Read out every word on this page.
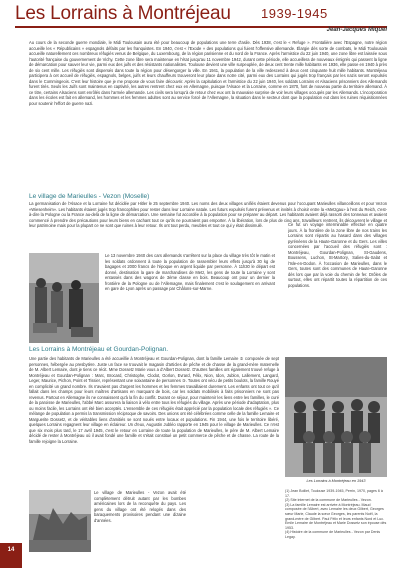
Les Lorrains à Montréjeau 1939-1945
Jean-Jacques Miquel
Au cours de la seconde guerre mondiale, le Midi Toulousain aura été pour beaucoup de populations une terre d'asile. Dès 1938, c'est le « Refuge ». Frontalière avec l'Espagne, notre région accueille les « Républicains » espagnols défaits par les franquistes. En 1940, c'est « l'Exode » des populations qui fuient l'offensive allemande. Élargie dès sorte de combats, le Midi Toulousain accueille naturellement ces nombreux réfugiés venus de Belgique, du Luxembourg, de la région parisienne et du nord de la France. Après l'armistice du 22 juin 1940, une zone libre est laissée sous l'autorité française du gouvernement de Vichy. Cette zone libre sera maintenue en l'état jusqu'au 11 novembre 1942, durant cette période, elle accueillera de nouveaux émigrés qui passent la ligne de démarcation pour sauver leur vie, parmi eux des juifs et des résistants nationalistes. Toulouse devient une ville surpeuplée, de deux cent trente mille habitants en 1936, elle passe en 1940 à près de six cent mille. Les réfugiés sont dispersés dans toute la région pour désengorger la ville. En 1941, la population de la ville redescend à deux cent cinquante huit mille habitants. Montréjeau participera à cet accueil de réfugiés, espagnols, belges, juifs et leurs chauffeurs trouveront leur place dans notre cité, parmi eux des Lorrains qui jugés trop français par les nazis seront expulsés dans le Commingeois. C'est leur histoire que je me propose de vous faire découvrir. Après la capitulation et l'armistice du 22 juin 1940, les soldats Lorrains et Alsaciens prisonniers des Allemands furent tirés. Seuls les Juifs sont maintenus en captivité, les autres rentrent chez eux en Allemagne, puisque l'Alsace et la Lorraine, comme en 1870, font de nouveau partie du territoire allemand. À ce titre, certains Alsaciens sont enrôlés dans l'armée allemande. Les civils sera lorsqu'à de retour chez eux ont la mauvaise surprise de voir leurs villages occupés par les Allemands. L'incorporation dans les écoles est fait en allemand, les hommes et les femmes adultes sont au service forcé de l'Allemagne, la situation dans le secteur dont que la population eut dans les ruines réquisitionnées pour soutenir l'effort de guerre nazi.
Le village de Marieulles - Vezon (Moselle)
La germanisation de l'Alsace et la Lorraine fut décidée par Hitler le 25 septembre 1940. Les noms des deux villages unifiés étaient devenus pour l'occupant Marieulles villanceillons et pour Vezon «Wiesenheim». Les habitants étaient jugés trop francophiles pour rester dans leur Lorraine natale. Les futurs expulsés furent prévenus et invités à choisir entre la «Metzgau» à l'est du Reich, c'est-à-dire la Pologne ou la France au-delà de la ligne de démarcation. Une semaine fut accordée à la population pour se préparer au départ. Les habitants avaient déjà rassorti des tonneaux et avaient commencé à prendre des précautions pour leurs biens en cachant tout ce qu'ils ne pourraient pas emporter. À la libération, lors de plus de cinq ans, travailleurs rentrent, ils découvrent le village et leur patrimoine mais pour la plupart ce ne sont que ruines à leur retour. Ils ont tout perdu, meubles et tout ce qui y était dissimulé.
Le 13 novembre 1940 des cars allemands s'arrêtent sur la place du village très tôt le matin et les soldats ordonnent à toute la population de rassembler leurs effets jusqu'à 30 kg de bagages et 2000 francs de l'époque en argent liquide par personne. À 11h30 le départ est donné, destination la gare de marchandises de Metz, les gens de toute la Lorraine y sont entassés dans des wagons de 3ème classe en bois. Beaucoup ont pour un dernier la frontière de la Pologne ou de l'Allemagne, mais finalement c'est le soulagement en arrivant en gare de Lyon après un passage par Châlons-sur-Marne.
Ce fut un voyage interminable effectué en quatre jours. À la frontière de la zone libre de nos trains les Lorrains sont répartis au hasard dans des villages pyrénéens de la Haute-Garonne et du Gers. Les villes concernées par l'accueil des réfugiés sont : Montréjeau, Gourdan-Polignan, St-Gaudens, Boussens, Luchon, St-Martory, Salies-du-Salat et l'Isle-en-Dodon. À l'occasion de Marieulles, dans le Gers, toutes sont des communes de Haute-Garonne dès lors que par la voie du chemin de fer. Drôles de surtout, elles ont répartit toutes la répartition de ces populations.
Les Lorrains à Montréjeau et Gourdan-Polignan.
Une partie des habitants de Marieulles a été accueillie à Montréjeau et Gourdan-Polignan, dont la famille Lemaire ② composée de sept personnes, hébergée au presbytère. Juste un face se trouvait le magasin d'articles de pêche et de chasse de la grand-mère maternelle de M. Albert Lemaire, dont je tiens ce récit. Mme Dossetz Marie vous a d'Albert Dossetz. D'autres familles ont également trouvé refuge à Montréjeau et Gourdan-Polignan : Marc, Brocard, Christophe, Clodot, Gorlon, Evrard, Félix, Nion, Idon, Jublon, Lallement, Langard, Leger, Maurice, Pichon, Point et Tissier, représentant une soixantaine de personnes ③. Toutes ont vécu de petits boulots, la famille Rouyé en complicité un grand nombre. Ils n'avaient pas d'argent les hommes et les femmes travaillaient durement. Les enfants ont tout ce qu'il fallait dans les champs pour leurs maîtres d'artisans en marquant de bois, car les soldats mobilisés à faits prisonniers ne sont pas revenus. Partout en Allemagne ils ne connaissent qu'à la fin du conflit. Durant ce séjour, pour maintenir les liens entre les familles, le curé de la paroisse de Marieulles, l'abbé Marc assurera la liaison à vélo entre tous les réfugiés du village. Après une période d'adaptation, plus ou moins facile, les Lorrains ont été bien acceptés. L'ensemble de ces réfugiés était apprécié par la population locale des réfugiés ». Ce mélange de population a permis la transmission réciproque de savoirs. Des unions ont été célébrées comme celle de la famille Lemaire et Marguerite Dossetz, et de véritables liens d'amitiés se sont noués entre locaux et populations. Fin 1944, une fois le territoire libéré, quelques Lorrains regagnent leur village en éclaireur. Un d'eux, Augustin Jubléo rapporte en 1945 pour le village de Marieulles. Ce n'est que six mois plus tard, le 17 avril 1945, c'est le retour en Lorraine de toute la population de Marieulles, le père de M. Albert Lemaire décidé de rester à Montréjeau où il avait fondé une famille et s'était constitué un petit commerce de pêche et de chasse. La route de la famille rejoigne la Lorraine.
Les Lorrains à Montréjeau en 1943
Le village de Marieulles - Vezon avait été complètement détruit autant par les bombes américaines lors de la reconquête du pays. Les gens du village ont été relogés dans des baraquements provisoires pendant une dizaine d'années.
(1) Jean Bolliet, Toulouse 1939-1945, Perrin, 1970, pages 6 à 17.
(2) Site internet de la commune de Marieulles - Vezon.
(3) La famille Lemaire est arrivée à Montréjeau. Maud composée de l'Albert, avec Lemaire les deux Gilbert, Georges sœur Marie, Claude la sœur Georges, les parents Noël, la grand-mère de Gilbert. Paul Félix et leurs enfants Nord et Luc. Emile Lemaire de Montréjeau et Marie Dossetz son épouse dès 1953.
(4) Histoire de la commune de Marieulles - Vezon par Denis Legay.
14
